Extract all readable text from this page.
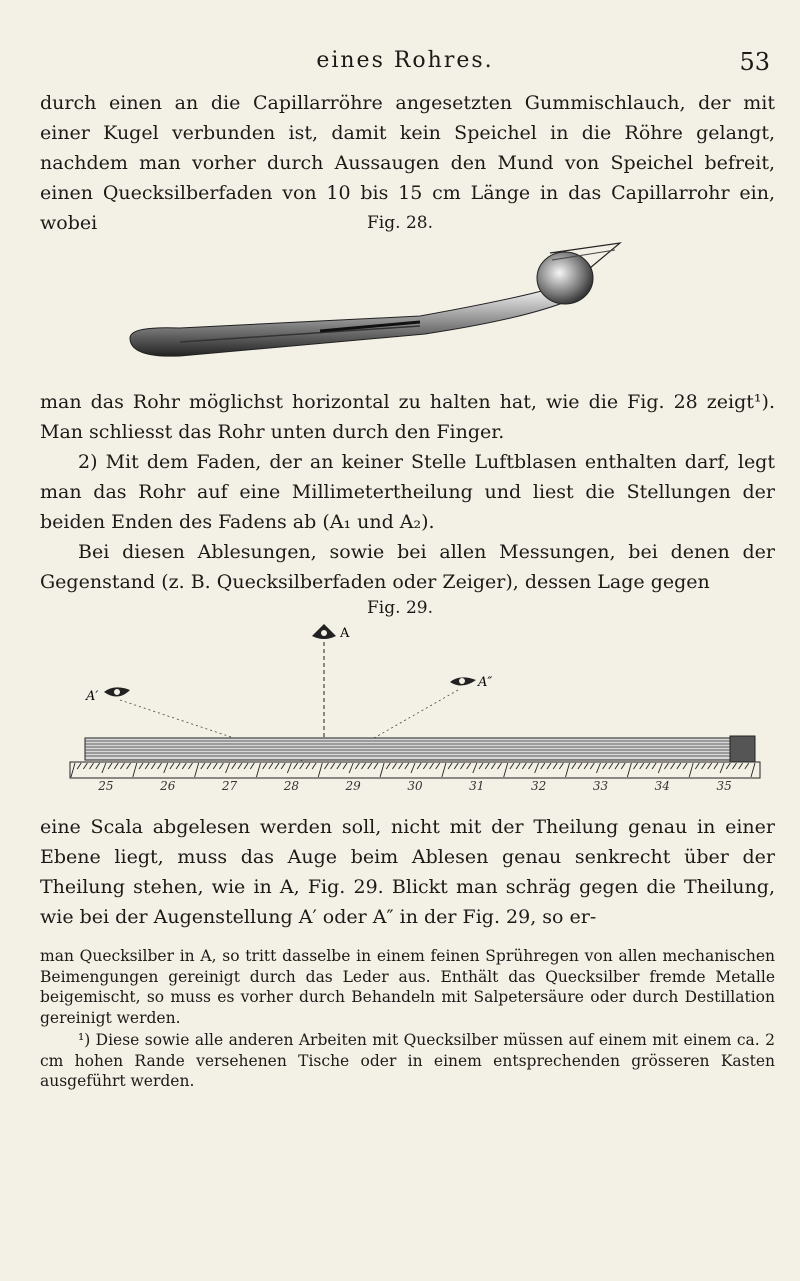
eines Rohres.	53

durch einen an die Capillarröhre angesetzten Gummischlauch, der mit einer Kugel verbunden ist, damit kein Speichel in die Röhre gelangt, nachdem man vorher durch Aussaugen den Mund von Speichel befreit, einen Quecksilberfaden von 10 bis 15 cm Länge in das Capillarrohr ein, wobei	Fig. 28.

man das Rohr möglichst horizontal zu halten hat, wie die Fig. 28 zeigt¹). Man schliesst das Rohr unten durch den Finger.

2) Mit dem Faden, der an keiner Stelle Luftblasen enthalten darf, legt man das Rohr auf eine Millimetertheilung und liest die Stellungen der beiden Enden des Fadens ab (A₁ und A₂).

Bei diesen Ablesungen, sowie bei allen Messungen, bei denen der Gegenstand (z. B. Quecksilberfaden oder Zeiger), dessen Lage gegen

Fig. 29.
A
A″
A′
25	26	27	28	29	30	31	32	33	34	35

eine Scala abgelesen werden soll, nicht mit der Theilung genau in einer Ebene liegt, muss das Auge beim Ablesen genau senkrecht über der Theilung stehen, wie in A, Fig. 29. Blickt man schräg gegen die Theilung, wie bei der Augenstellung A′ oder A″ in der Fig. 29, so er-

man Quecksilber in A, so tritt dasselbe in einem feinen Sprühregen von allen mechanischen Beimengungen gereinigt durch das Leder aus. Enthält das Quecksilber fremde Metalle beigemischt, so muss es vorher durch Behandeln mit Salpetersäure oder durch Destillation gereinigt werden.

¹) Diese sowie alle anderen Arbeiten mit Quecksilber müssen auf einem mit einem ca. 2 cm hohen Rande versehenen Tische oder in einem entsprechenden grösseren Kasten ausgeführt werden.
